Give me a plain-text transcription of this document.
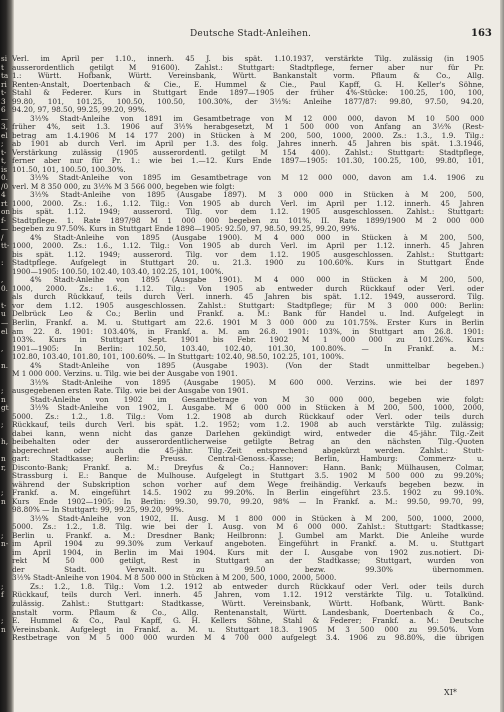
si
t
ta
ri
t-
3
6
—
3,
el
;
t-
t,
is
0.
/0
4
rt
on
f-
—
/
tt-
:
,
0.
t-
u
—
el
,
n.
;
n
gt
;
h,
n
r,
;
n
;
n-
;
f
;
n
Deutsche Stadt-Anleihen.	163
Verl. im April per 1.10., innerh. 45 J. bis spät. 1.10.1937, verstärkte Tilg. zulässig (in 1905
ausserordentlich getilgt M 91600). Zahlst.: Stuttgart: Stadtpflege, ferner aber nur für Pr.
1.: Württ. Hofbank, Württ. Vereinsbank, Württ. Bankanstalt vorm. Pflaum & Co., Allg.
Renten-Anstalt, Doertenbach & Cie., E. Hummel & Cie., Paul Kapff, G. H. Keller's Söhne,
Stahl & Federer. Kurs in Stuttgart Ende 1897—1905 der früher 4%-Stücke: 100.25, 100, 100,
99.80, 101, 101.25, 100.50, 100.50, 100.30%, der 3½%: Anleihe 1877/87: 99.80, 97.50, 94.20,
94.20, 97, 98.50, 99.25, 99.20, 99%.
3½% Stadt-Anleihe von 1891 im Gesamtbetrage von M 12 000 000, davon M 10 500 000
früher 4%, seit 1.3. 1906 auf 3½% herabgesetzt, M 1 500 000 von Anfang an 3½% (Rest-
betrag am 1.4.1906 M 14 177 200) in Stücken à M 200, 500, 1000, 2000. Zs.: 1.3., 1.9. Tilg.:
ab 1901 ab durch Verl. im April per 1.3. des folg. Jahres innerh. 45 Jahren bis spät. 1.3.1946,
Verstärkung zulässig (1905 ausserordentl. getilgt M 154 400). Zahlst.: Stuttgart: Stadtpflege,
ferner aber nur für Pr. 1.: wie bei 1.—12. Kurs Ende 1897—1905: 101.30, 100.25, 100, 99.80, 101,
101.50, 101, 100.50, 100.30%.
3½% Stadt-Anleihe von 1895 im Gesamtbetrage von M 12 000 000, davon am 1.4. 1906 zu
verl. M 8 350 000, zu 3½% M 3 566 000, begeben wie folgt:
3½% Stadt-Anleihe von 1895 (Ausgabe 1897). M 3 000 000 in Stücken à M 200, 500,
1000, 2000. Zs.: 1.6., 1.12. Tilg.: Von 1905 ab durch Verl. im April per 1.12. innerh. 45 Jahren
bis spät. 1.12. 1949; ausserord. Tilg. vor dem 1.12. 1905 ausgeschlossen. Zahlst.: Stuttgart:
Stadtpflege. 1. Rate 1897/98 M 1 000 000 begeben zu 101%, II. Rate 1899/1900 M 2 000 000
begeben zu 97.50%. Kurs in Stuttgart Ende 1898—1905: 92.50, 97, 98.50, 99.25, 99.20, 99%.
4% Stadt-Anleihe von 1895 (Ausgabe 1900). M 4 000 000 in Stücken à M 200, 500,
1000, 2000. Zs.: 1.6., 1.12. Tilg.: Von 1905 ab durch Verl. im April per 1.12. innerh. 45 Jahren
bis spät. 1.12. 1949; ausserord. Tilg. vor dem 1.12. 1905 ausgeschlossen. Zahlst.: Stuttgart:
Stadtpflege. Aufgelegt in Stuttgart 20. u. 21.3. 1900 zu 100.60%. Kurs in Stuttgart Ende
1900—1905: 100.50, 102.40, 103.40, 102.25, 101, 100%.
4% Stadt-Anleihe von 1895 (Ausgabe 1901). M 4 000 000 in Stücken à M 200, 500,
1000, 2000. Zs.: 1.6., 1.12. Tilg.: Von 1905 ab entweder durch Rückkauf oder Verl. oder
als durch Rückkauf, teils durch Verl. innerh. 45 Jahren bis spät. 1.12. 1949, ausserord. Tilg.
vor dem 1.12. 1905 ausgeschlossen. Zahlst.: Stuttgart: Stadtpflege; für M 3 000 000: Berlin:
Delbrück Leo & Co.; Berlin und Frankf. a. M.: Bank für Handel u. Ind. Aufgelegt in
Berlin, Frankf. a. M. u. Stuttgart am 22.6. 1901 M 3 000 000 zu 101.75%. Erster Kurs in Berlin
am 22. 8. 1901: 103.40%, in Frankf. a. M. am 26.8. 1901: 103%, in Stuttgart am 26.8. 1901:
103%. Kurs in Stuttgart Sept. 1901 bis Febr. 1902 M 1 000 000 zu 101.26%. Kurs
1901—1905: In Berlin: 102.50, 103.40, 102.40, 101.30, 100.80%. — In Frankf. a. M.:
102.80, 103.40, 101.80, 101, 100.60%. — In Stuttgart: 102.40, 98.50, 102.25, 101, 100%.
4% Stadt-Anleihe von 1895 (Ausgabe 1903). (Von der Stadt unmittelbar begeben.)
M 1 000 000. Verzins. u. Tilg. wie bei der Ausgabe von 1901.
3½% Stadt-Anleihe von 1895 (Ausgabe 1905). M 600 000. Verzins. wie bei der 1897
ausgegebenen ersten Rate. Tilg. wie bei der Ausgabe von 1901.
Stadt-Anleihe von 1902 im Gesamtbetrage von M 30 000 000, begeben wie folgt:
3½% Stadt-Anleihe von 1902, I. Ausgabe. M 6 000 000 in Stücken à M 200, 500, 1000, 2000,
5000. Zs.: 1.2., 1.8. Tilg.: Vom 1.2. 1908 ab durch Rückkauf oder Verl. oder teils durch
Rückkauf, teils durch Verl. bis spät. 1.2. 1952; vom 1.2. 1908 ab auch verstärkte Tilg. zulässig;
dabei kann, wenn nicht das ganze Darlehen gekündigt wird, entweder die 45-jähr. Tilg.-Zeit
beibehalten oder der ausserordentlicherweise getilgte Betrag an den nächsten Tilg.-Quoten
abgerechnet oder auch die 45-jähr. Tilg.-Zeit entsprechend abgekürzt werden. Zahlst.: Stutt-
gart: Stadtkasse; Berlin: Preuss. Central-Genoss.-Kasse; Berlin, Hamburg: Commerz- u.
Disconto-Bank; Frankf. a. M.: Dreyfus & Co.; Hannover: Hann. Bank; Mülhausen, Colmar,
Strassburg i. E.: Banque de Mulhouse. Aufgelegt in Stuttgart 3.5. 1902 M 500 000 zu 99.20%;
während der Subskription schon vorher auf dem Wege freihändig. Verkaufs begeben bezw. in
Frankf. a. M. eingeführt 14.5. 1902 zu 99.20%. In Berlin eingeführt 23.5. 1902 zu 99.10%.
Kurs Ende 1902—1905: In Berlin: 99.30, 99.70, 99.20, 98% — In Frankf. a. M.: 99.50, 99.70, 99,
98.80% — In Stuttgart: 99, 99.25, 99.20, 99%.
3½% Stadt-Anleihe von 1902, II. Ausg. M 1 800 000 in Stücken à M 200, 500, 1000, 2000,
5000. Zs.: 1.2., 1.8. Tilg. wie bei der I. Ausg. von M 6 000 000. Zahlst.: Stuttgart: Stadtkasse;
Berlin u. Frankf. a. M.: Dresdner Bank; Heilbronn: J. Gumbel am Markt. Die Anleihe wurde
im April 1904 zu 99.30% zum Verkauf angeboten. Eingeführt in Frankf. a. M. u. Stuttgart
im April 1904, in Berlin im Mai 1904. Kurs mit der I. Ausgabe von 1902 zus.notiert. Di-
rekt M 50 000 getilgt, Rest in Stuttgart an der Stadtkasse; Stuttgart, wurden von
der Stadt. Verwalt. zu 99.50 bezw. 99.30% übernommen.
3½% Stadt-Anleihe von 1904. M 8 500 000 in Stücken à M 200, 500, 1000, 2000, 5000.
Zs.: 1.2., 1.8. Tilg.: Vom 1.2. 1912 ab entweder durch Rückkauf oder Verl. oder teils durch
Rückkauf, teils durch Verl. innerh. 45 Jahren, vom 1.12. 1912 verstärkte Tilg. u. Totalkünd.
zulässig. Zahlst.: Stuttgart: Stadtkasse, Württ. Vereinsbank, Württ. Hofbank, Württ. Bank-
anstalt vorm. Pflaum & Co., Allg. Rentenanstalt, Württ. Landesbank, Doertenbach & Co.,
E. Hummel & Co., Paul Kapff, G. H. Kellers Söhne, Stahl & Federer; Frankf. a. M.: Deutsche
Vereinsbank. Aufgelegt in Frankf. a. M. u. Stuttgart 18.3. 1905 M 3 500 000 zu 99.50%. Vom
Restbetrage von M 5 000 000 wurden M 4 700 000 aufgelegt 3.4. 1906 zu 98.80%, die übrigen
XI*
